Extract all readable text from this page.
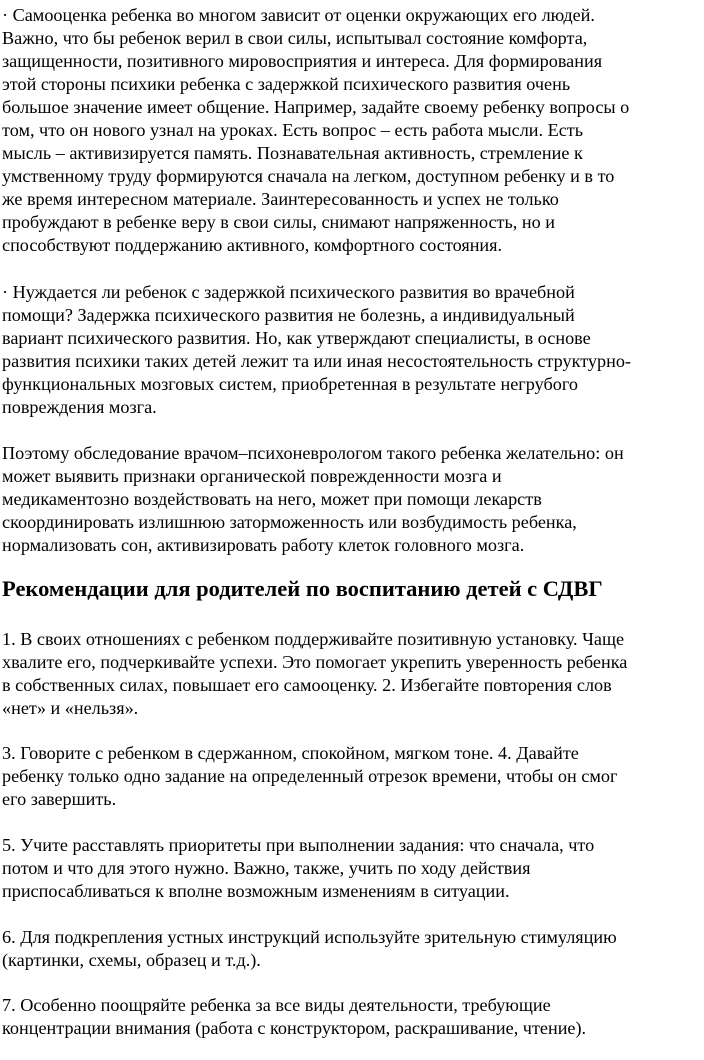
· Самооценка ребенка во многом зависит от оценки окружающих его людей.
Важно, что бы ребенок верил в свои силы, испытывал состояние комфорта,
защищенности, позитивного мировосприятия и интереса. Для формирования
этой стороны психики ребенка с задержкой психического развития очень
большое значение имеет общение. Например, задайте своему ребенку вопросы о
том, что он нового узнал на уроках. Есть вопрос – есть работа мысли. Есть
мысль – активизируется память. Познавательная активность, стремление к
умственному труду формируются сначала на легком, доступном ребенку и в то
же время интересном материале. Заинтересованность и успех не только
пробуждают в ребенке веру в свои силы, снимают напряженность, но и
способствуют поддержанию активного, комфортного состояния.

· Нуждается ли ребенок с задержкой психического развития во врачебной
помощи? Задержка психического развития не болезнь, а индивидуальный
вариант психического развития. Но, как утверждают специалисты, в основе
развития психики таких детей лежит та или иная несостоятельность структурно-
функциональных мозговых систем, приобретенная в результате негрубого
повреждения мозга.

Поэтому обследование врачом–психоневрологом такого ребенка желательно: он
может выявить признаки органической поврежденности мозга и
медикаментозно воздействовать на него, может при помощи лекарств
скоординировать излишнюю заторможенность или возбудимость ребенка,
нормализовать сон, активизировать работу клеток головного мозга.

Рекомендации для родителей по воспитанию детей с СДВГ

1. В своих отношениях с ребенком поддерживайте позитивную установку. Чаще
хвалите его, подчеркивайте успехи. Это помогает укрепить уверенность ребенка
в собственных силах, повышает его самооценку. 2. Избегайте повторения слов
«нет» и «нельзя».

3. Говорите с ребенком в сдержанном, спокойном, мягком тоне. 4. Давайте
ребенку только одно задание на определенный отрезок времени, чтобы он смог
его завершить.

5. Учите расставлять приоритеты при выполнении задания: что сначала, что
потом и что для этого нужно. Важно, также, учить по ходу действия
приспосабливаться к вполне возможным изменениям в ситуации.

6. Для подкрепления устных инструкций используйте зрительную стимуляцию
(картинки, схемы, образец и т.д.).

7. Особенно поощряйте ребенка за все виды деятельности, требующие
концентрации внимания (работа с конструктором, раскрашивание, чтение).
